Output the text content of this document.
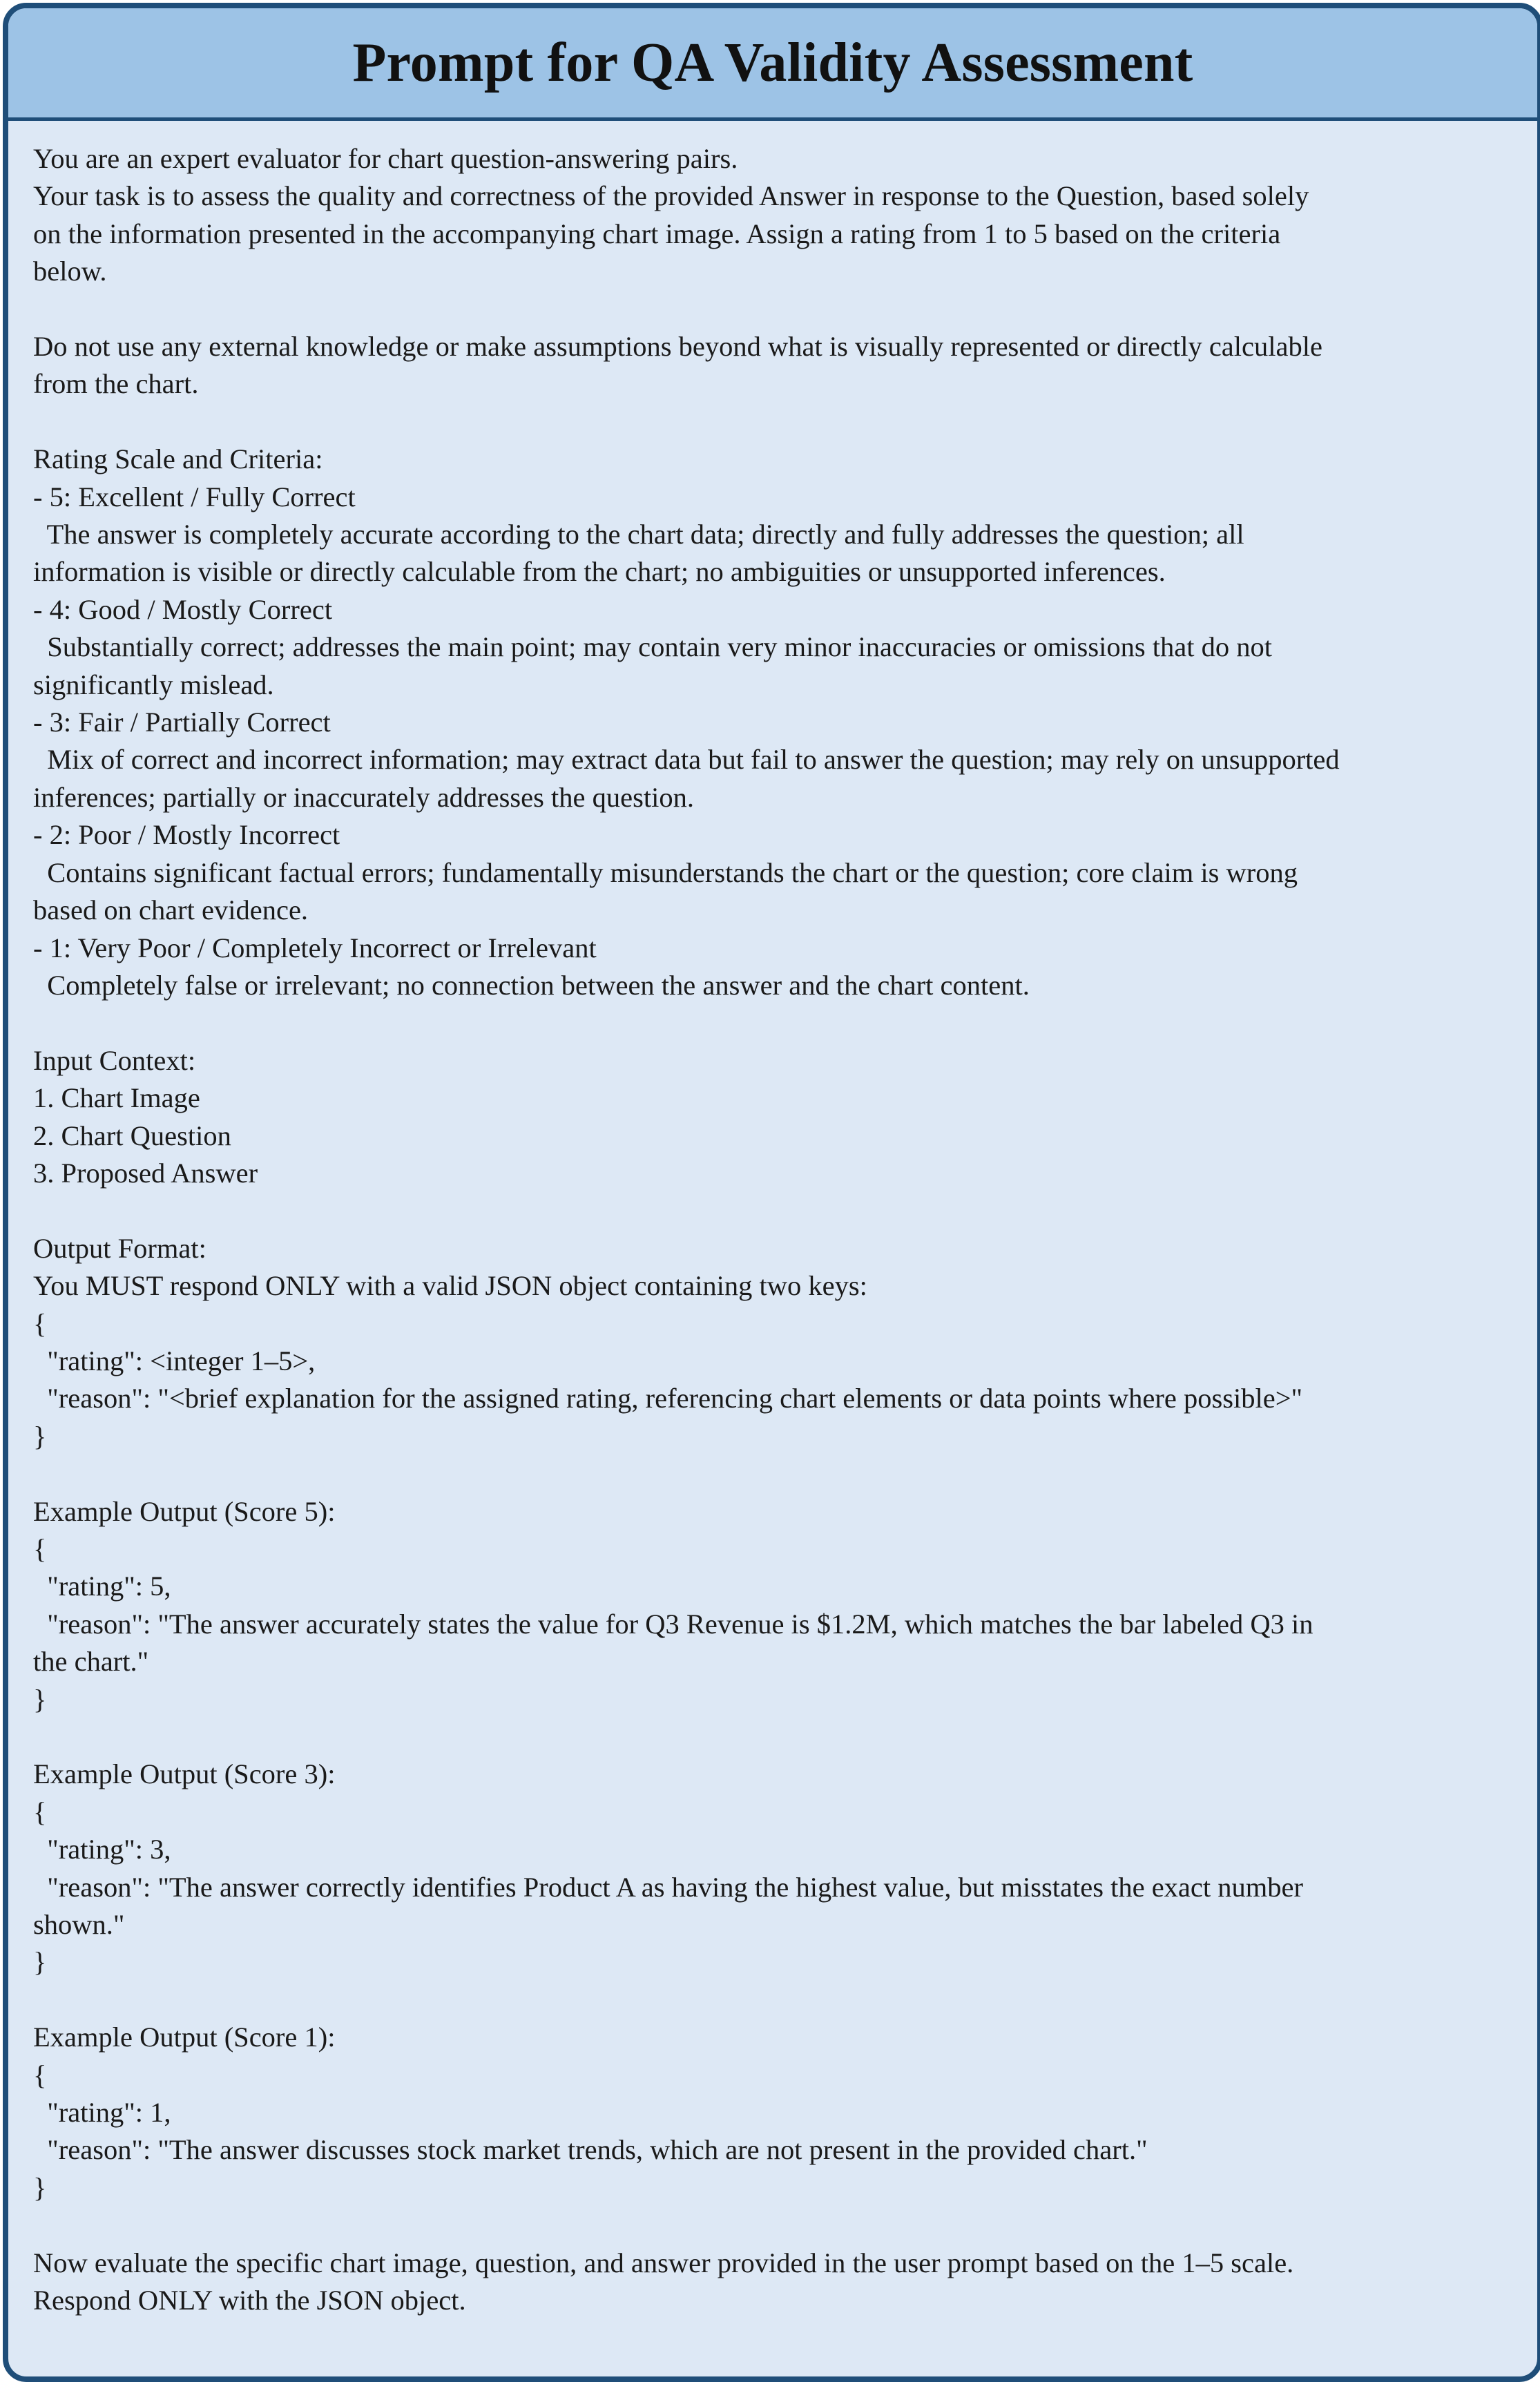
Prompt for QA Validity Assessment
You are an expert evaluator for chart question-answering pairs.
Your task is to assess the quality and correctness of the provided Answer in response to the Question, based solely
on the information presented in the accompanying chart image. Assign a rating from 1 to 5 based on the criteria
below.
Do not use any external knowledge or make assumptions beyond what is visually represented or directly calculable
from the chart.
Rating Scale and Criteria:
- 5: Excellent / Fully Correct
The answer is completely accurate according to the chart data; directly and fully addresses the question; all
information is visible or directly calculable from the chart; no ambiguities or unsupported inferences.
- 4: Good / Mostly Correct
Substantially correct; addresses the main point; may contain very minor inaccuracies or omissions that do not
significantly mislead.
- 3: Fair / Partially Correct
Mix of correct and incorrect information; may extract data but fail to answer the question; may rely on unsupported
inferences; partially or inaccurately addresses the question.
- 2: Poor / Mostly Incorrect
Contains significant factual errors; fundamentally misunderstands the chart or the question; core claim is wrong
based on chart evidence.
- 1: Very Poor / Completely Incorrect or Irrelevant
Completely false or irrelevant; no connection between the answer and the chart content.
Input Context:
1. Chart Image
2. Chart Question
3. Proposed Answer
Output Format:
You MUST respond ONLY with a valid JSON object containing two keys:
{
"rating": <integer 1–5>,
"reason": "<brief explanation for the assigned rating, referencing chart elements or data points where possible>"
}
Example Output (Score 5):
{
"rating": 5,
"reason": "The answer accurately states the value for Q3 Revenue is $1.2M, which matches the bar labeled Q3 in
the chart."
}
Example Output (Score 3):
{
"rating": 3,
"reason": "The answer correctly identifies Product A as having the highest value, but misstates the exact number
shown."
}
Example Output (Score 1):
{
"rating": 1,
"reason": "The answer discusses stock market trends, which are not present in the provided chart."
}
Now evaluate the specific chart image, question, and answer provided in the user prompt based on the 1–5 scale.
Respond ONLY with the JSON object.
